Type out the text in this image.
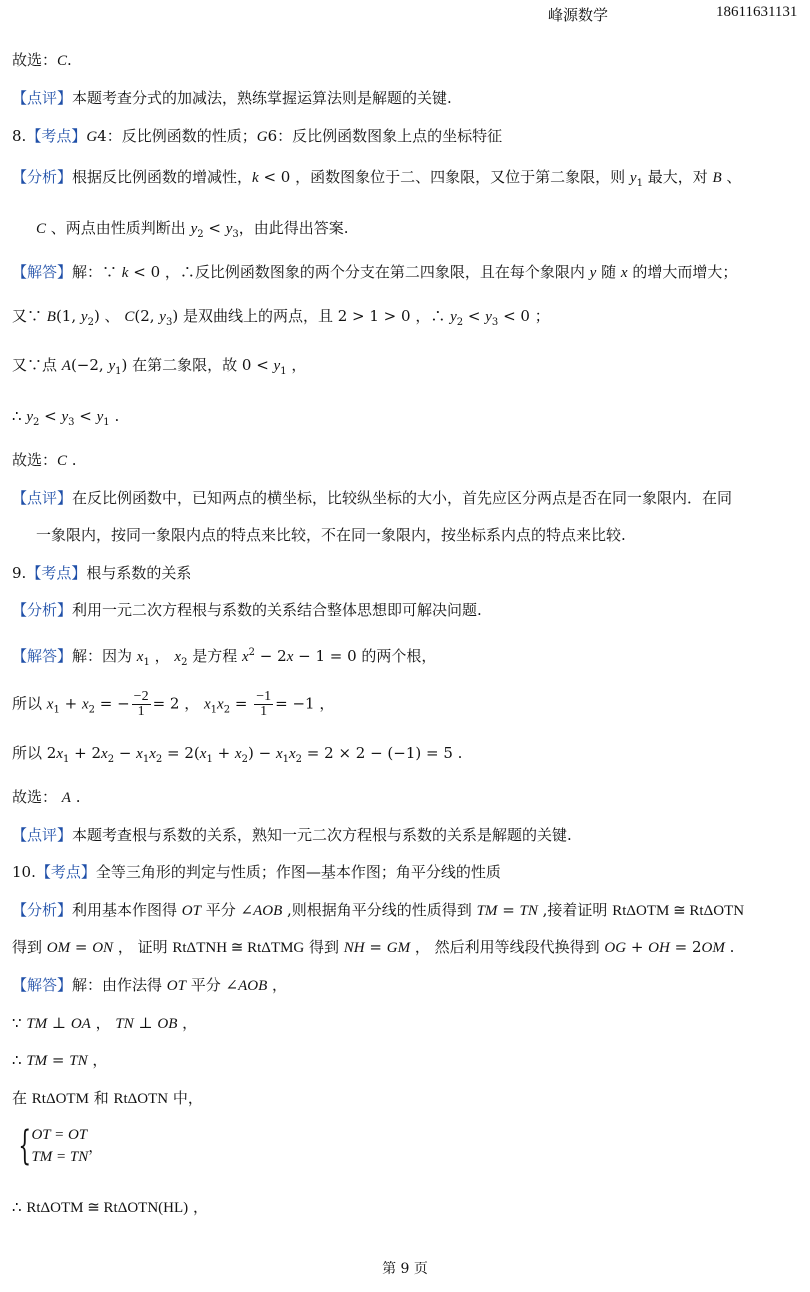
峰源数学	18611631131
故选：C.
【点评】本题考查分式的加减法，熟练掌握运算法则是解题的关键.
8.【考点】G4：反比例函数的性质；G6：反比例函数图象上点的坐标特征
【分析】根据反比例函数的增减性，k < 0 ，函数图象位于二、四象限，又位于第二象限，则 $y_1$ 最大，对 B 、
C 、两点由性质判断出 $y_2 < y_3$，由此得出答案.
【解答】解：∵ k < 0 ，∴反比例函数图象的两个分支在第二四象限，且在每个象限内 y 随 x 的增大而增大；
又∵ B(1, $y_2$) 、 C(2, $y_3$) 是双曲线上的两点，且 2 > 1 > 0 ，∴ $y_2 < y_3 < 0$ ；
又∵点 A(−2, $y_1$) 在第二象限，故 $0 < y_1$ ，
∴ $y_2 < y_3 < y_1$ .
故选：C .
【点评】在反比例函数中，已知两点的横坐标，比较纵坐标的大小，首先应区分两点是否在同一象限内．在同
一象限内，按同一象限内点的特点来比较，不在同一象限内，按坐标系内点的特点来比较.
9.【考点】根与系数的关系
【分析】利用一元二次方程根与系数的关系结合整体思想即可解决问题.
【解答】解：因为 $x_1$ ， $x_2$ 是方程 $x^2 - 2x - 1 = 0$ 的两个根，
所以 $x_1 + x_2$ = − $\frac{-2}{1} = 2$ ， $x_1x_2 = \frac{-1}{1} = -1$ ，
所以 $2x_1 + 2x_2 - x_1x_2 = 2(x_1 + x_2) - x_1x_2 = 2 \times 2 - (-1) = 5$ .
故选： A .
【点评】本题考查根与系数的关系，熟知一元二次方程根与系数的关系是解题的关键.
10.【考点】全等三角形的判定与性质；作图—基本作图；角平分线的性质
【分析】利用基本作图得 OT 平分 ∠AOB ,则根据角平分线的性质得到 TM = TN ,接着证明 RtΔOTM ≅ RtΔOTN
得到 OM = ON ， 证明 RtΔTNH ≅ RtΔTMG 得到 NH = GM ， 然后利用等线段代换得到 OG + OH = 2OM .
【解答】解：由作法得 OT 平分 ∠AOB ，
∵ TM ⊥ OA ， TN ⊥ OB ，
∴ TM = TN ，
在 RtΔOTM 和 RtΔOTN 中，
{ OT = OT
TM = TN
，
∴ RtΔOTM ≅ RtΔOTN(HL) ，
第 9 页
